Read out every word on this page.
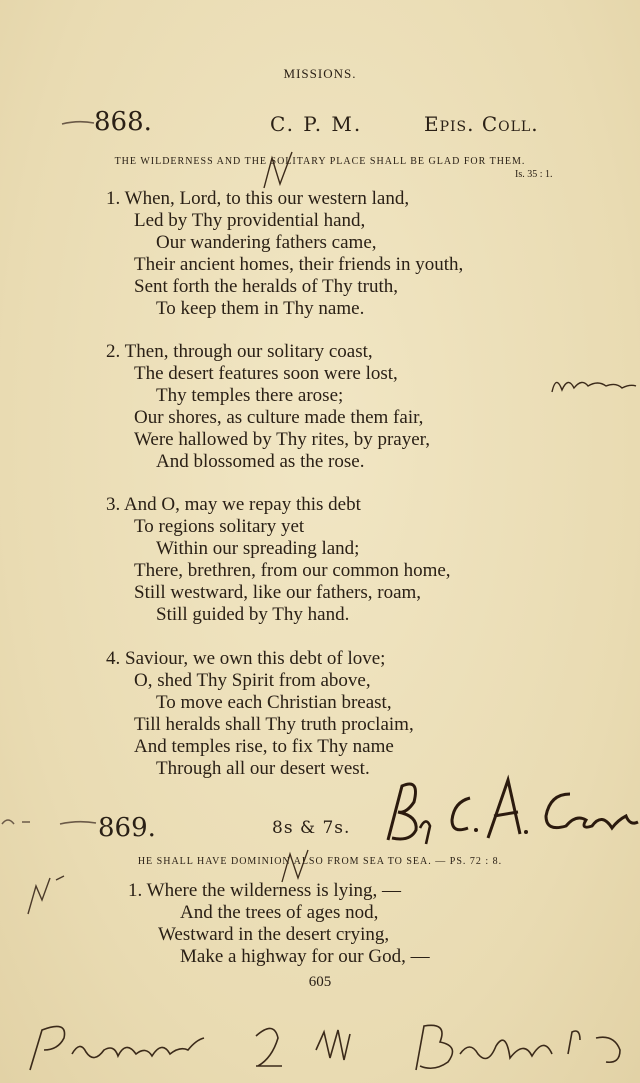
MISSIONS.
868.	C. P. M.	Epis. Coll.
THE WILDERNESS AND THE SOLITARY PLACE SHALL BE GLAD FOR THEM.
Is. 35 : 1.
1. When, Lord, to this our western land,
Led by Thy providential hand,
Our wandering fathers came,
Their ancient homes, their friends in youth,
Sent forth the heralds of Thy truth,
To keep them in Thy name.
2. Then, through our solitary coast,
The desert features soon were lost,
Thy temples there arose;
Our shores, as culture made them fair,
Were hallowed by Thy rites, by prayer,
And blossomed as the rose.
3. And O, may we repay this debt
To regions solitary yet
Within our spreading land;
There, brethren, from our common home,
Still westward, like our fathers, roam,
Still guided by Thy hand.
4. Saviour, we own this debt of love;
O, shed Thy Spirit from above,
To move each Christian breast,
Till heralds shall Thy truth proclaim,
And temples rise, to fix Thy name
Through all our desert west.
869.	8s & 7s.
HE SHALL HAVE DOMINION ALSO FROM SEA TO SEA. — PS. 72 : 8.
1. Where the wilderness is lying, —
And the trees of ages nod,
Westward in the desert crying,
Make a highway for our God, —
605
